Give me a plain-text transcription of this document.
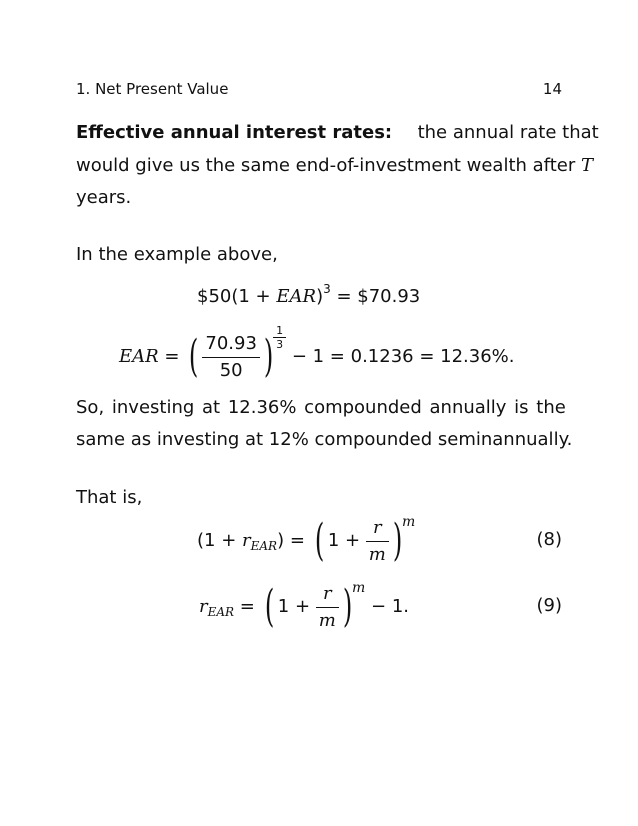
1. Net Present Value	14
Effective annual interest rates: the annual rate that
would give us the same end-of-investment wealth after T
years.
In the example above,
$50(1 + EAR)$^3$ = $70.93
EAR = ( $\frac{70.93}{50}$ ) $\frac{1}{3}$
− 1 = 0.1236 = 12.36%.
So, investing at 12.36% compounded annually is the
same as investing at 12% compounded seminannually.
That is,
$(1 + r_{EAR})$ = ( $1 + \frac{r}{m} )^m$
(8)
$r_{EAR}$ = ( $1 + \frac{r}{m} )^m - 1$.	(9)
